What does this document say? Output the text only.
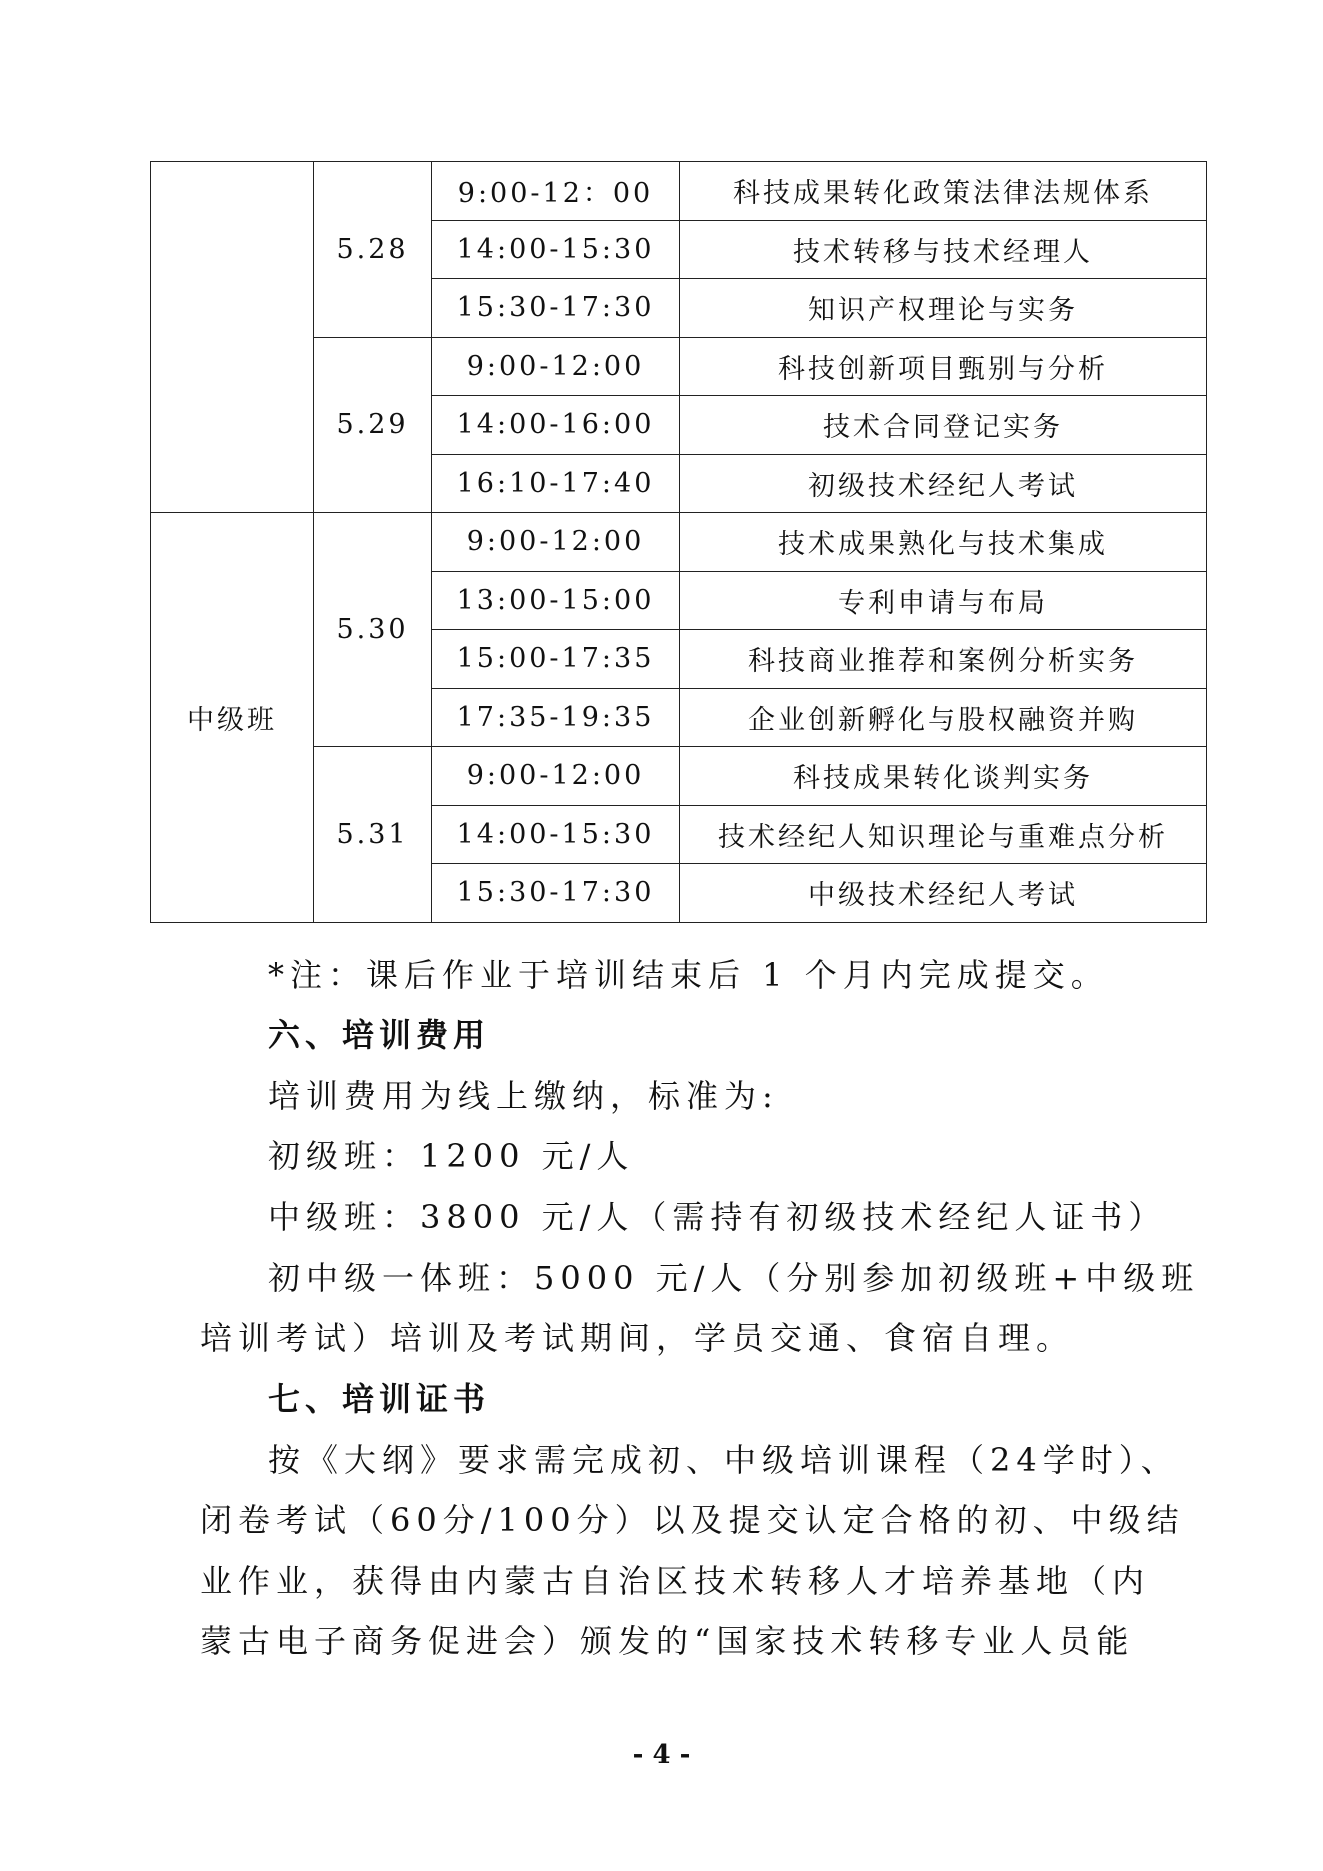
	5.28	9:00-12：00	科技成果转化政策法律法规体系
		14:00-15:30	技术转移与技术经理人
		15:30-17:30	知识产权理论与实务
	5.29	9:00-12:00	科技创新项目甄别与分析
		14:00-16:00	技术合同登记实务
		16:10-17:40	初级技术经纪人考试
中级班	5.30	9:00-12:00	技术成果熟化与技术集成
		13:00-15:00	专利申请与布局
		15:00-17:35	科技商业推荐和案例分析实务
		17:35-19:35	企业创新孵化与股权融资并购
	5.31	9:00-12:00	科技成果转化谈判实务
		14:00-15:30	技术经纪人知识理论与重难点分析
		15:30-17:30	中级技术经纪人考试
*注：课后作业于培训结束后 1 个月内完成提交。
六、培训费用
培训费用为线上缴纳，标准为:
初级班：1200 元/人
中级班：3800 元/人（需持有初级技术经纪人证书）
初中级一体班：5000 元/人（分别参加初级班+中级班
培训考试）培训及考试期间，学员交通、食宿自理。
七、培训证书
按《大纲》要求需完成初、中级培训课程（24学时）、
闭卷考试（60分/100分）以及提交认定合格的初、中级结
业作业，获得由内蒙古自治区技术转移人才培养基地（内
蒙古电子商务促进会）颁发的“国家技术转移专业人员能
- 4 -
